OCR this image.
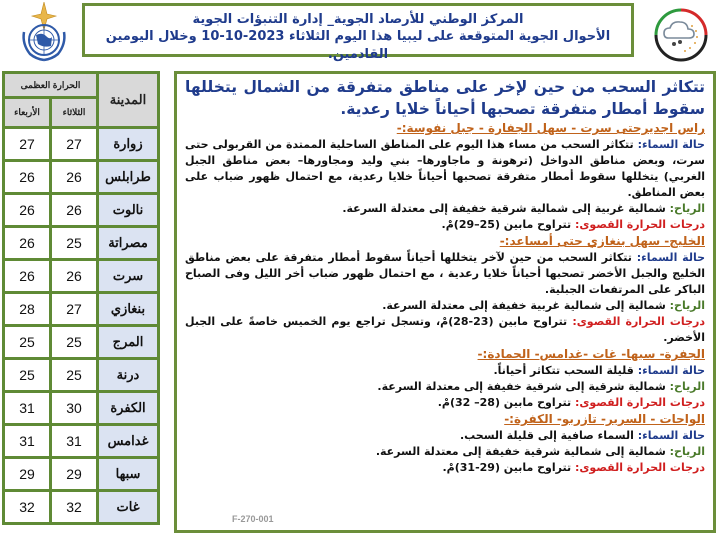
المركز الوطني للأرصاد الجوية_ إدارة التنبؤات الجوية
الأحوال الجوية المتوقعة على ليبيا هذا اليوم الثلاثاء 2023-10-10 وخلال اليومين القادمين.
المدينة	الحرارة العظمى	
	الثلاثاء	الأربعاء
زوارة	27	27
طرابلس	26	26
نالوت	26	26
مصراتة	25	26
سرت	26	26
بنغازي	27	28
المرج	25	25
درنة	25	25
الكفرة	30	31
غدامس	31	31
سبها	29	29
غات	32	32
تتكاثر السحب من حين لإخر على مناطق متفرقة من الشمال يتخللها سقوط أمطار متفرقة تصحبها أحياناً خلايا رعدية.
راس اجديرحتى سرت - سهل الجفارة - جبل نفوسة:-
حالة السماء: تتكاثر السحب من مساء هذا اليوم على المناطق الساحلية الممتدة من القربولى حتى سرت، وبعض مناطق الدواخل (ترهونة و ماجاورها– بني وليد ومجاورها– بعض مناطق الجبل الغربي) يتخللها سقوط أمطار متفرقة تصحبها أحياناً خلايا رعدية، مع احتمال ظهور ضباب على بعض المناطق.
الرياح: شمالية غربية إلى شمالية شرقية خفيفة إلى معتدلة السرعة.
درجات الحرارة القصوى: تتراوح مابين (25–29)مْ.
الخليج- سهل بنغازي حتى أمساعد:-
حالة السماء: تتكاثر السحب من حين لآخر يتخللها أحياناً سقوط أمطار متفرقة على بعض مناطق الخليج والجبل الأخضر تصحبها أحياناً خلايا رعدية ، مع احتمال ظهور ضباب أخر الليل وفى الصباح الباكر على المرتفعات الجبلية.
الرياح: شمالية إلى شمالية غربية خفيفة إلى معتدلة السرعة.
درجات الحرارة القصوى: تتراوح مابين (23-28)مْ، وتسجل تراجع يوم الخميس خاصةً على الجبل الأخضر.
الجفرة- سبها- غات -غدامس- الحمادة:-
حالة السماء: قليلة السحب تتكاثر أحياناً.
الرياح: شمالية شرقية إلى شرقية خفيفة إلى معتدلة السرعة.
درجات الحرارة القصوى: تتراوح مابين (28– 32)مْ.
الواحات - السرير- تازربو- الكفرة:-
حالة السماء: السماء صافية إلى قليلة السحب.
الرياح: شمالية إلى شمالية شرقية خفيفة إلى معتدلة السرعة.
درجات الحرارة القصوى: تتراوح مابين (29-31)مْ.
F-270-001
